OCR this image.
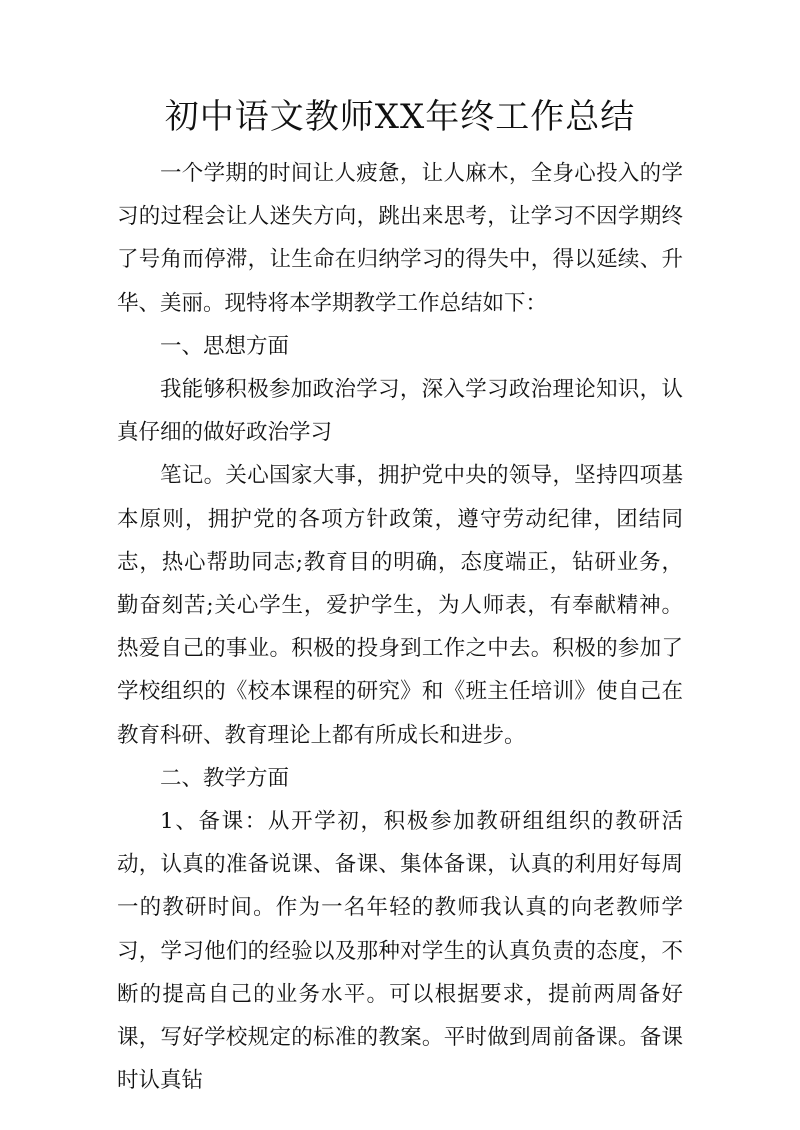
初中语文教师XX年终工作总结

一个学期的时间让人疲惫，让人麻木，全身心投入的学习的过程会让人迷失方向，跳出来思考，让学习不因学期终了号角而停滞，让生命在归纳学习的得失中，得以延续、升华、美丽。现特将本学期教学工作总结如下：

一、思想方面

我能够积极参加政治学习，深入学习政治理论知识，认真仔细的做好政治学习

笔记。关心国家大事，拥护党中央的领导，坚持四项基本原则，拥护党的各项方针政策，遵守劳动纪律，团结同志，热心帮助同志;教育目的明确，态度端正，钻研业务，勤奋刻苦;关心学生，爱护学生，为人师表，有奉献精神。热爱自己的事业。积极的投身到工作之中去。积极的参加了学校组织的《校本课程的研究》和《班主任培训》使自己在教育科研、教育理论上都有所成长和进步。

二、教学方面

1、备课：从开学初，积极参加教研组组织的教研活动，认真的准备说课、备课、集体备课，认真的利用好每周一的教研时间。作为一名年轻的教师我认真的向老教师学习，学习他们的经验以及那种对学生的认真负责的态度，不断的提高自己的业务水平。可以根据要求，提前两周备好课，写好学校规定的标准的教案。平时做到周前备课。备课时认真钻
